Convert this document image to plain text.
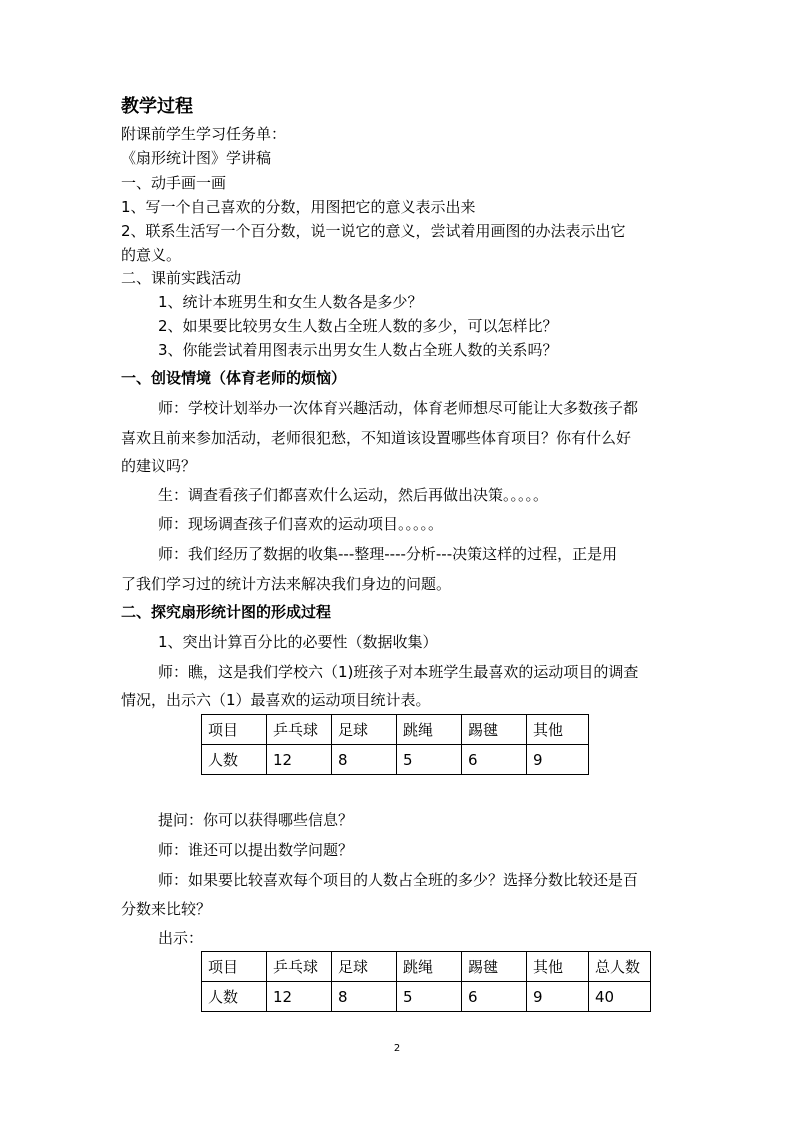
教学过程
附课前学生学习任务单：
《扇形统计图》学讲稿
一、动手画一画
1、写一个自己喜欢的分数，用图把它的意义表示出来
2、联系生活写一个百分数，说一说它的意义，尝试着用画图的办法表示出它
的意义。
二、课前实践活动
1、统计本班男生和女生人数各是多少？
2、如果要比较男女生人数占全班人数的多少，可以怎样比？
3、你能尝试着用图表示出男女生人数占全班人数的关系吗？
一、创设情境（体育老师的烦恼）
师：学校计划举办一次体育兴趣活动，体育老师想尽可能让大多数孩子都
喜欢且前来参加活动，老师很犯愁，不知道该设置哪些体育项目？你有什么好
的建议吗？
生：调查看孩子们都喜欢什么运动，然后再做出决策。。。。。
师：现场调查孩子们喜欢的运动项目。。。。。
师：我们经历了数据的收集---整理----分析---决策这样的过程，正是用
了我们学习过的统计方法来解决我们身边的问题。
二、探究扇形统计图的形成过程
1、突出计算百分比的必要性（数据收集）
师：瞧，这是我们学校六（1)班孩子对本班学生最喜欢的运动项目的调查
情况，出示六（1）最喜欢的运动项目统计表。
项目	乒乓球	足球	跳绳	踢毽	其他
人数	12	8	5	6	9
提问：你可以获得哪些信息？
师：谁还可以提出数学问题？
师：如果要比较喜欢每个项目的人数占全班的多少？选择分数比较还是百
分数来比较？
出示：
项目	乒乓球	足球	跳绳	踢毽	其他	总人数
人数	12	8	5	6	9	40
2
